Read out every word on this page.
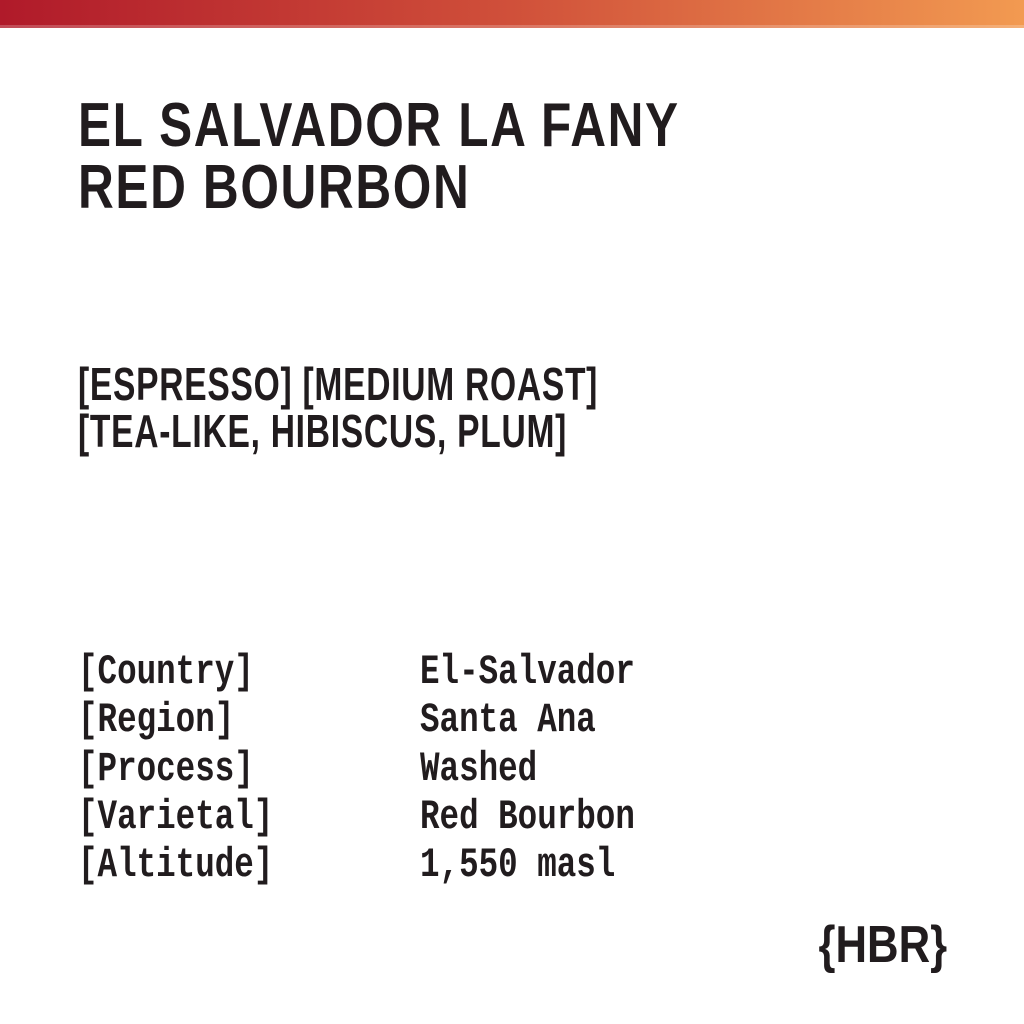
EL SALVADOR LA FANY
RED BOURBON
[ESPRESSO] [MEDIUM ROAST]
[TEA-LIKE, HIBISCUS, PLUM]
[Country]	El-Salvador
[Region]	Santa Ana
[Process]	Washed
[Varietal]	Red Bourbon
[Altitude]	1,550 masl
{HBR}
